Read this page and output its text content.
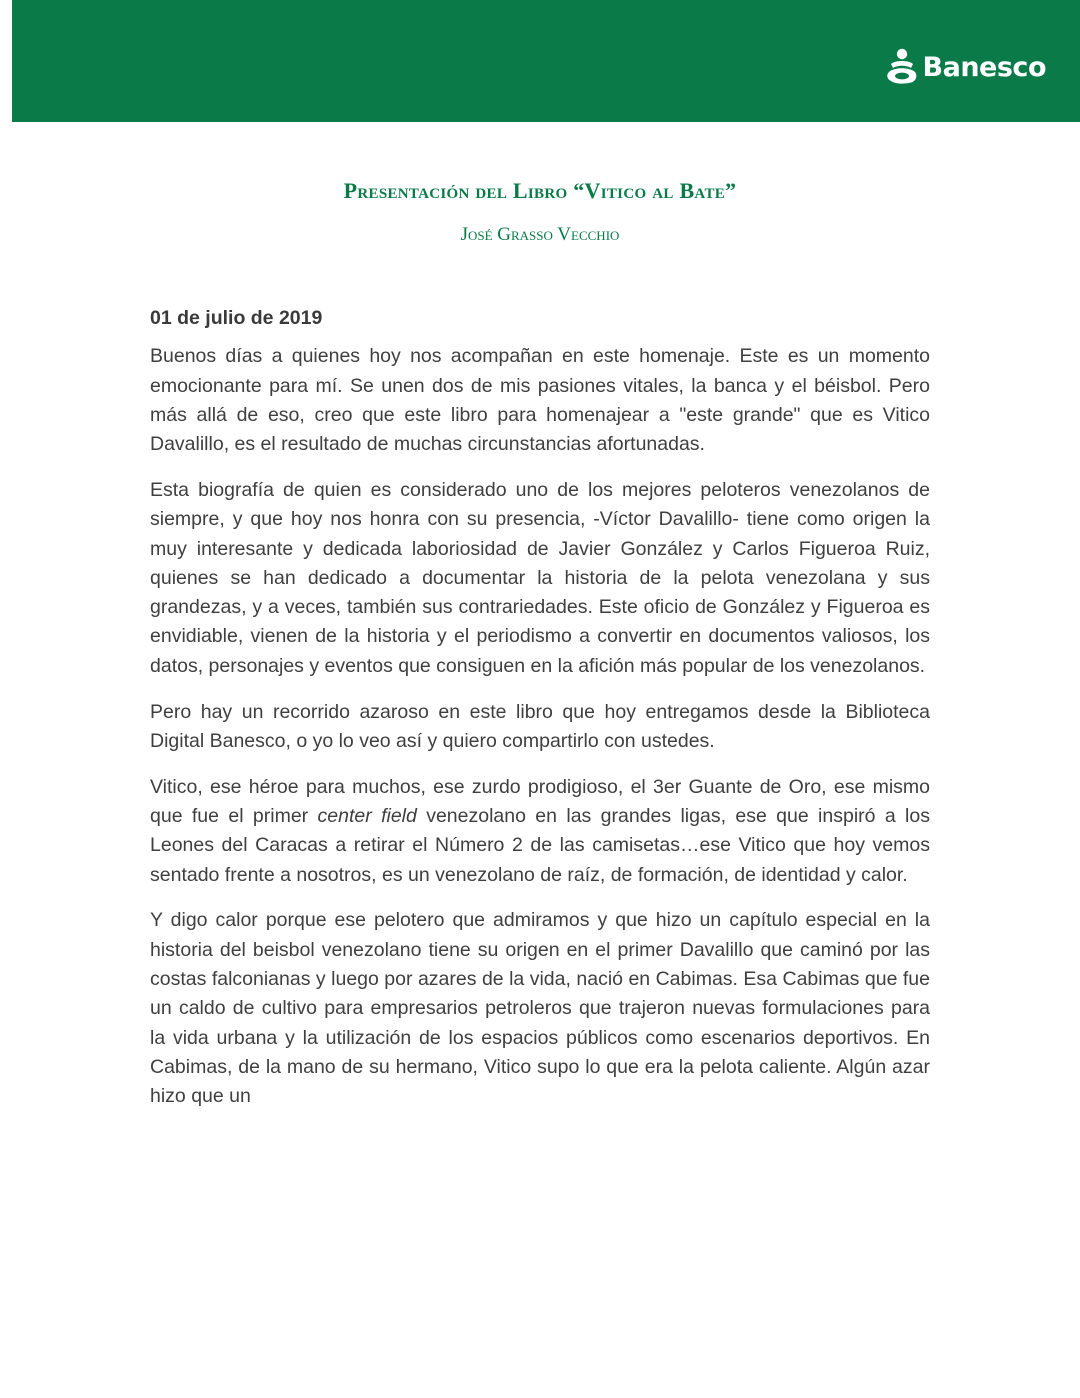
Banesco
Presentación del Libro “Vitico al Bate”
José Grasso Vecchio
01 de julio de 2019

Buenos días a quienes hoy nos acompañan en este homenaje. Este es un momento emocionante para mí. Se unen dos de mis pasiones vitales, la banca y el béisbol. Pero más allá de eso, creo que este libro para homenajear a "este grande" que es Vitico Davalillo, es el resultado de muchas circunstancias afortunadas.

Esta biografía de quien es considerado uno de los mejores peloteros venezolanos de siempre, y que hoy nos honra con su presencia, -Víctor Davalillo- tiene como origen la muy interesante y dedicada laboriosidad de Javier González y Carlos Figueroa Ruiz, quienes se han dedicado a documentar la historia de la pelota venezolana y sus grandezas, y a veces, también sus contrariedades. Este oficio de González y Figueroa es envidiable, vienen de la historia y el periodismo a convertir en documentos valiosos, los datos, personajes y eventos que consiguen en la afición más popular de los venezolanos.

Pero hay un recorrido azaroso en este libro que hoy entregamos desde la Biblioteca Digital Banesco, o yo lo veo así y quiero compartirlo con ustedes.

Vitico, ese héroe para muchos, ese zurdo prodigioso, el 3er Guante de Oro, ese mismo que fue el primer center field venezolano en las grandes ligas, ese que inspiró a los Leones del Caracas a retirar el Número 2 de las camisetas…ese Vitico que hoy vemos sentado frente a nosotros, es un venezolano de raíz, de formación, de identidad y calor.

Y digo calor porque ese pelotero que admiramos y que hizo un capítulo especial en la historia del beisbol venezolano tiene su origen en el primer Davalillo que caminó por las costas falconianas y luego por azares de la vida, nació en Cabimas. Esa Cabimas que fue un caldo de cultivo para empresarios petroleros que trajeron nuevas formulaciones para la vida urbana y la utilización de los espacios públicos como escenarios deportivos. En Cabimas, de la mano de su hermano, Vitico supo lo que era la pelota caliente. Algún azar hizo que un
